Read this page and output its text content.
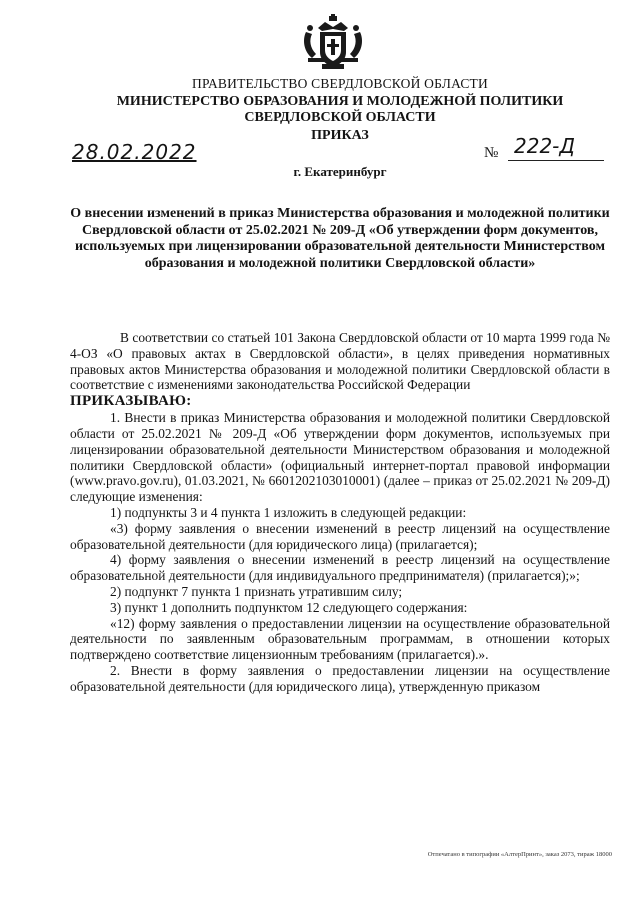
ПРАВИТЕЛЬСТВО СВЕРДЛОВСКОЙ ОБЛАСТИ
МИНИСТЕРСТВО ОБРАЗОВАНИЯ И МОЛОДЕЖНОЙ ПОЛИТИКИ
СВЕРДЛОВСКОЙ ОБЛАСТИ
ПРИКАЗ
28.02.2022	№ 222-Д
г. Екатеринбург
О внесении изменений в приказ Министерства образования и молодежной политики Свердловской области от 25.02.2021 № 209-Д «Об утверждении форм документов, используемых при лицензировании образовательной деятельности Министерством образования и молодежной политики Свердловской области»

В соответствии со статьей 101 Закона Свердловской области от 10 марта 1999 года № 4-ОЗ «О правовых актах в Свердловской области», в целях приведения нормативных правовых актов Министерства образования и молодежной политики Свердловской области в соответствие с изменениями законодательства Российской Федерации

ПРИКАЗЫВАЮ:

1. Внести в приказ Министерства образования и молодежной политики Свердловской области от 25.02.2021 № 209-Д «Об утверждении форм документов, используемых при лицензировании образовательной деятельности Министерством образования и молодежной политики Свердловской области» (официальный интернет-портал правовой информации (www.pravo.gov.ru), 01.03.2021, № 6601202103010001) (далее – приказ от 25.02.2021 № 209-Д) следующие изменения:

1) подпункты 3 и 4 пункта 1 изложить в следующей редакции:

«3) форму заявления о внесении изменений в реестр лицензий на осуществление образовательной деятельности (для юридического лица) (прилагается);

4) форму заявления о внесении изменений в реестр лицензий на осуществление образовательной деятельности (для индивидуального предпринимателя) (прилагается);»;

2) подпункт 7 пункта 1 признать утратившим силу;

3) пункт 1 дополнить подпунктом 12 следующего содержания:

«12) форму заявления о предоставлении лицензии на осуществление образовательной деятельности по заявленным образовательным программам, в отношении которых подтверждено соответствие лицензионным требованиям (прилагается).».

2. Внести в форму заявления о предоставлении лицензии на осуществление образовательной деятельности (для юридического лица), утвержденную приказом

Отпечатано в типографии «АлтерПринт», заказ 2073, тираж 18000
